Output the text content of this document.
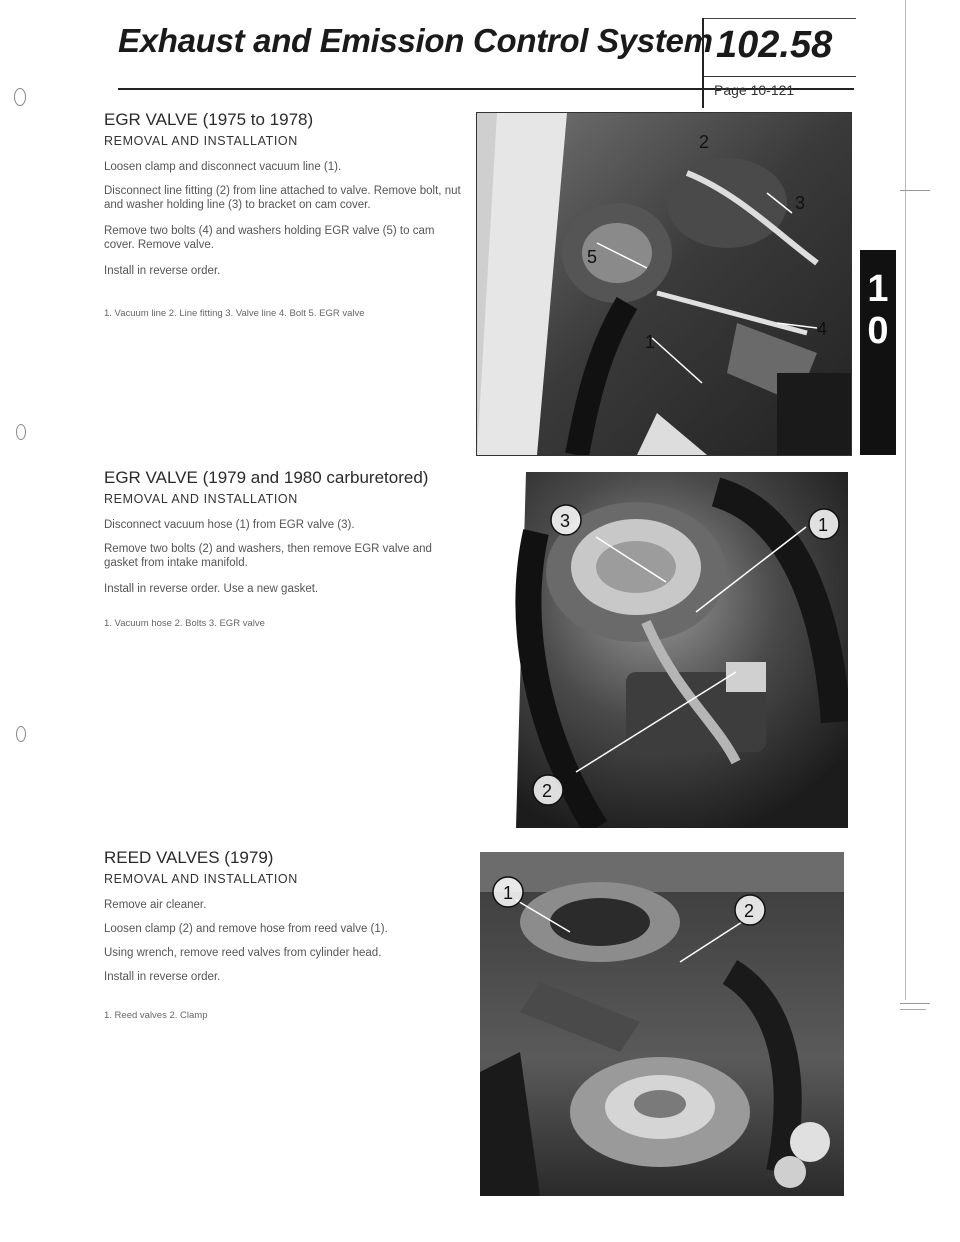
Exhaust and Emission Control System 102.58
Page 10-121
EGR VALVE (1975 to 1978)
REMOVAL AND INSTALLATION
Loosen clamp and disconnect vacuum line (1).
Disconnect line fitting (2) from line attached to valve. Remove bolt, nut and washer holding line (3) to bracket on cam cover.
Remove two bolts (4) and washers holding EGR valve (5) to cam cover. Remove valve.
Install in reverse order.
1. Vacuum line 2. Line fitting 3. Valve line 4. Bolt 5. EGR valve
2
3
5
1
4
EGR VALVE (1979 and 1980 carburetored)
REMOVAL AND INSTALLATION
Disconnect vacuum hose (1) from EGR valve (3).
Remove two bolts (2) and washers, then remove EGR valve and gasket from intake manifold.
Install in reverse order. Use a new gasket.
1. Vacuum hose 2. Bolts 3. EGR valve
3	1
2
REED VALVES (1979)
REMOVAL AND INSTALLATION
Remove air cleaner.
Loosen clamp (2) and remove hose from reed valve (1).
Using wrench, remove reed valves from cylinder head.
Install in reverse order.
1. Reed valves 2. Clamp
1
2
1
0
